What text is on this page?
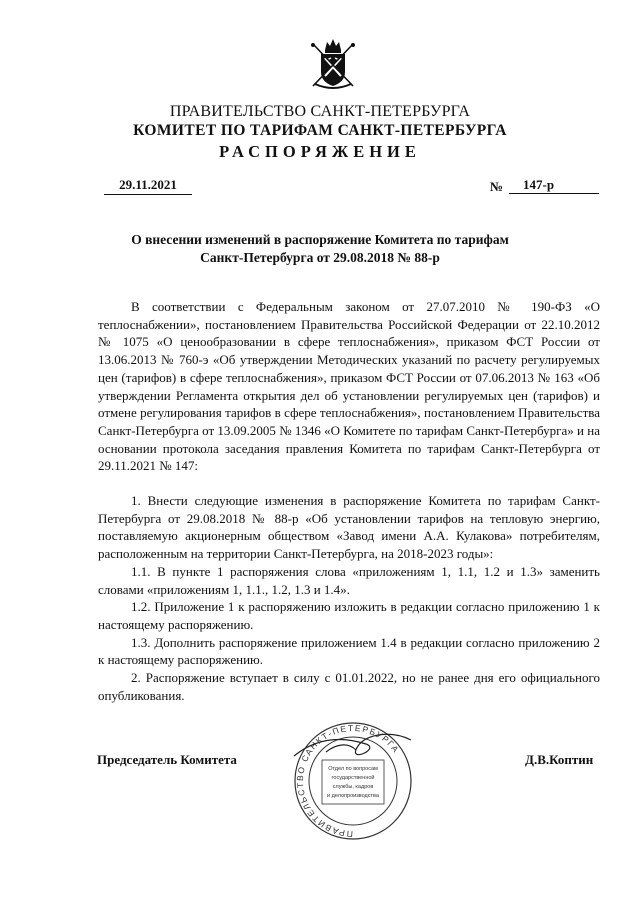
ПРАВИТЕЛЬСТВО САНКТ-ПЕТЕРБУРГА
КОМИТЕТ ПО ТАРИФАМ САНКТ-ПЕТЕРБУРГА
РАСПОРЯЖЕНИЕ
29.11.2021	№	147-р
О внесении изменений в распоряжение Комитета по тарифам
Санкт-Петербурга от 29.08.2018 № 88-р

В соответствии с Федеральным законом от 27.07.2010 № 190-ФЗ «О теплоснабжении», постановлением Правительства Российской Федерации от 22.10.2012 № 1075 «О ценообразовании в сфере теплоснабжения», приказом ФСТ России от 13.06.2013 № 760-э «Об утверждении Методических указаний по расчету регулируемых цен (тарифов) в сфере теплоснабжения», приказом ФСТ России от 07.06.2013 № 163 «Об утверждении Регламента открытия дел об установлении регулируемых цен (тарифов) и отмене регулирования тарифов в сфере теплоснабжения», постановлением Правительства Санкт-Петербурга от 13.09.2005 № 1346 «О Комитете по тарифам Санкт-Петербурга» и на основании протокола заседания правления Комитета по тарифам Санкт-Петербурга от 29.11.2021 № 147:

1. Внести следующие изменения в распоряжение Комитета по тарифам Санкт-Петербурга от 29.08.2018 № 88-р «Об установлении тарифов на тепловую энергию, поставляемую акционерным обществом «Завод имени А.А. Кулакова» потребителям, расположенным на территории Санкт-Петербурга, на 2018-2023 годы»:

1.1. В пункте 1 распоряжения слова «приложениям 1, 1.1, 1.2 и 1.3» заменить словами «приложениям 1, 1.1., 1.2, 1.3 и 1.4».

1.2. Приложение 1 к распоряжению изложить в редакции согласно приложению 1 к настоящему распоряжению.

1.3. Дополнить распоряжение приложением 1.4 в редакции согласно приложению 2 к настоящему распоряжению.

2. Распоряжение вступает в силу с 01.01.2022, но не ранее дня его официального опубликования.

Председатель Комитета	Д.В.Коптин
ПРАВИТЕЛЬСТВО САНКТ-ПЕТЕРБУРГА
Отдел по вопросам
государственной
службы, кадров
и делопроизводства
